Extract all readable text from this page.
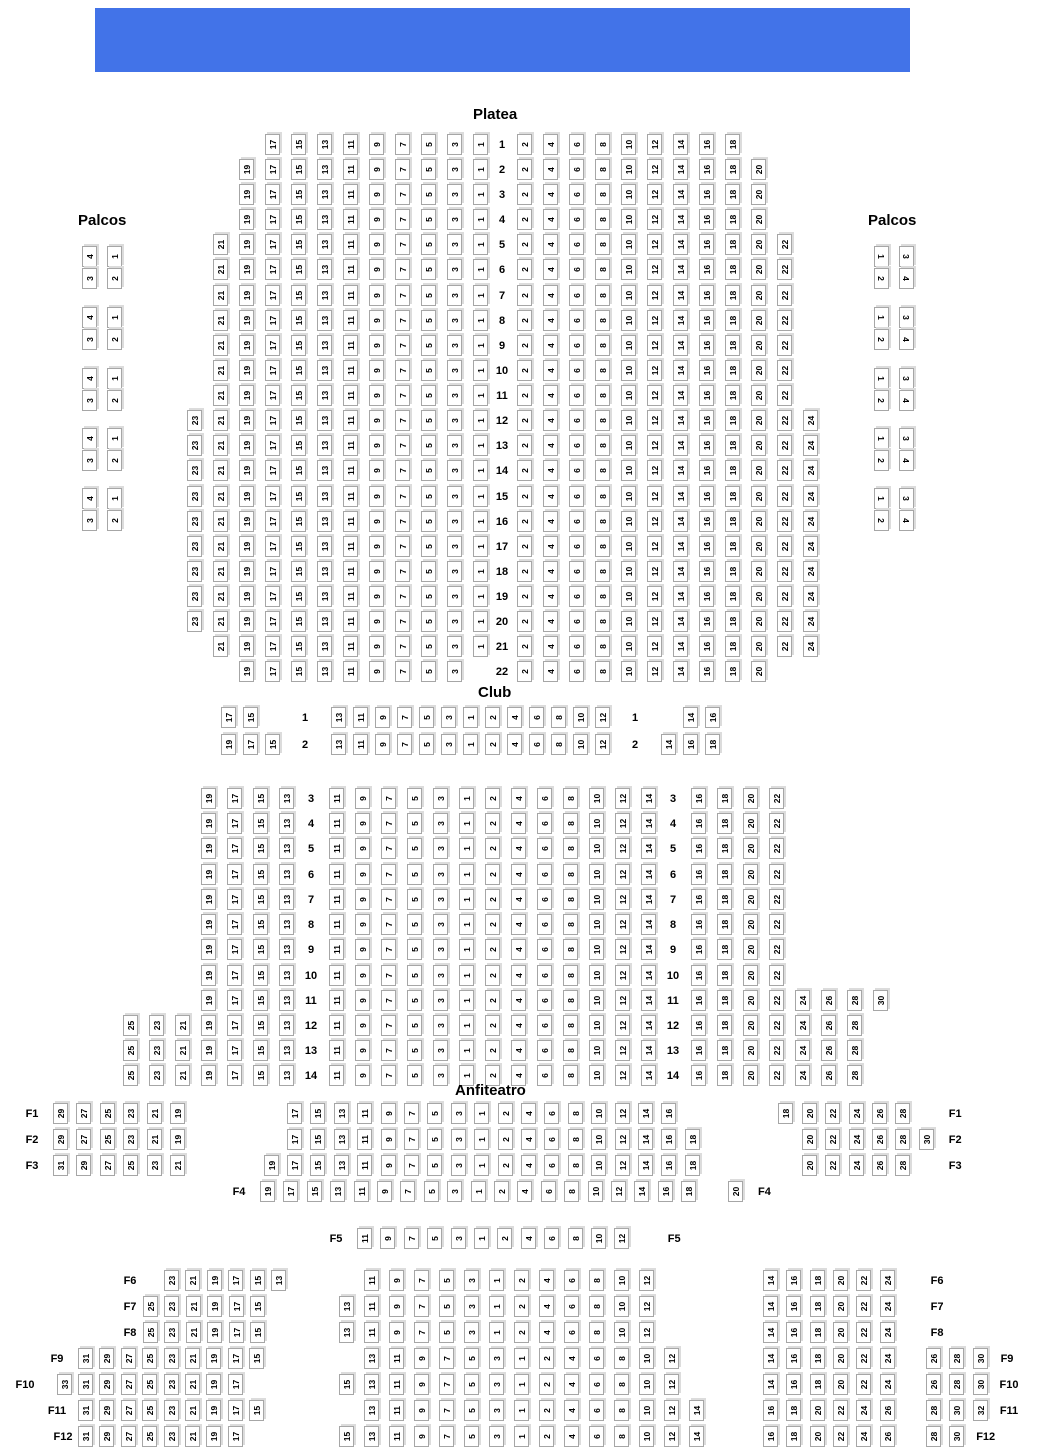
Platea
17	15	13	11	9	7	5	3	1	1	2	4	6	8	10	12	14	16	18
19	17	15	13	11	9	7	5	3	1	2	2	4	6	8	10	12	14	16	18	20
19	17	15	13	11	9	7	5	3	1	3	2	4	6	8	10	12	14	16	18	20
19	17	15	13	11	9	7	5	3	1	4	2	4	6	8	10	12	14	16	18	20
21	19	17	15	13	11	9	7	5	3	1	5	2	4	6	8	10	12	14	16	18	20	22
21	19	17	15	13	11	9	7	5	3	1	6	2	4	6	8	10	12	14	16	18	20	22
21	19	17	15	13	11	9	7	5	3	1	7	2	4	6	8	10	12	14	16	18	20	22
21	19	17	15	13	11	9	7	5	3	1	8	2	4	6	8	10	12	14	16	18	20	22
21	19	17	15	13	11	9	7	5	3	1	9	2	4	6	8	10	12	14	16	18	20	22
21	19	17	15	13	11	9	7	5	3	1 10	2	4	6	8	10	12	14	16	18	20	22
21	19	17	15	13	11	9	7	5	3	1 11	2	4	6	8	10	12	14	16	18	20	22
23	21	19	17	15	13	11	9	7	5	3	1 12	2	4	6	8	10	12	14	16	18	20	22	24
23	21	19	17	15	13	11	9	7	5	3	1 13	2	4	6	8	10	12	14	16	18	20	22	24
23	21	19	17	15	13	11	9	7	5	3	1 14	2	4	6	8	10	12	14	16	18	20	22	24
23	21	19	17	15	13	11	9	7	5	3	1 15	2	4	6	8	10	12	14	16	18	20	22	24
23	21	19	17	15	13	11	9	7	5	3	1 16	2	4	6	8	10	12	14	16	18	20	22	24
23	21	19	17	15	13	11	9	7	5	3	1 17	2	4	6	8	10	12	14	16	18	20	22	24
23	21	19	17	15	13	11	9	7	5	3	1 18	2	4	6	8	10	12	14	16	18	20	22	24
23	21	19	17	15	13	11	9	7	5	3	1 19	2	4	6	8	10	12	14	16	18	20	22	24
23	21	19	17	15	13	11	9	7	5	3	1 20	2	4	6	8	10	12	14	16	18	20	22	24
21	19	17	15	13	11	9	7	5	3	1 21	2	4	6	8	10	12	14	16	18	20	22	24
19	17	15	13	11	9	7	5	3	22	2	4	6	8	10	12	14	16	18	20
Palcos
4	1
3	2
4	1
3	2
4	1
3	2
4	1
3	2
4	1
3	2
Palcos
1	3
2	4
1	3
2	4
1	3
2	4
1	3
2	4
1	3
2	4
Club
17	15	1	13	11	9	7	5	3	1	2	4	6	8	10	12	1	14	16
19	17	15	2	13	11	9	7	5	3	1	2	4	6	8	10	12	2	14	16	18
19	17	15	13	3	11	9	7	5	3	1	2	4	6	8	10	12	14	3	16	18	20	22
19	17	15	13	4	11	9	7	5	3	1	2	4	6	8	10	12	14	4	16	18	20	22
19	17	15	13	5	11	9	7	5	3	1	2	4	6	8	10	12	14	5	16	18	20	22
19	17	15	13	6	11	9	7	5	3	1	2	4	6	8	10	12	14	6	16	18	20	22
19	17	15	13	7	11	9	7	5	3	1	2	4	6	8	10	12	14	7	16	18	20	22
19	17	15	13	8	11	9	7	5	3	1	2	4	6	8	10	12	14	8	16	18	20	22
19	17	15	13	9	11	9	7	5	3	1	2	4	6	8	10	12	14	9	16	18	20	22
19	17	15	13	10	11	9	7	5	3	1	2	4	6	8	10	12	14	10	16	18	20	22
19	17	15	13	11	11	9	7	5	3	1	2	4	6	8	10	12	14	11	16	18	20	22	24	26	28	30
25	23	21	19	17	15	13	12	11	9	7	5	3	1	2	4	6	8	10	12	14	12	16	18	20	22	24	26	28
25	23	21	19	17	15	13	13	11	9	7	5	3	1	2	4	6	8	10	12	14	13	16	18	20	22	24	26	28
25	23	21	19	17	15	13	14	11	9	7	5	3	1	2	4	6	8	10	12	14	14	16	18	20	22	24	26	28
Anfiteatro
F1	29	27	25	23	21	19	17	15	13	11	9	7	5	3	1	2	4	6	8	10	12	14	16	18	20	22	24	26	28	F1
F2	29	27	25	23	21	19	17	15	13	11	9	7	5	3	1	2	4	6	8	10	12	14	16	18	20	22	24	26	28	30	F2
F3	31	29	27	25	23	21	19	17	15	13	11	9	7	5	3	1	2	4	6	8	10	12	14	16	18	20	22	24	26	28	F3
F4	19	17	15	13	11	9	7	5	3	1	2	4	6	8	10	12	14	16	18	20	F4
F5	11	9	7	5	3	1	2	4	6	8	10	12	F5
F6	23	21	19	17	15	13	11	9	7	5	3	1	2	4	6	8	10	12	14	16	18	20	22	24	F6
F7	25	23	21	19	17	15	13	11	9	7	5	3	1	2	4	6	8	10	12	14	16	18	20	22	24	F7
F8	25	23	21	19	17	15	13	11	9	7	5	3	1	2	4	6	8	10	12	14	16	18	20	22	24	F8
F9	31	29	27	25	23	21	19	17	15	13	11	9	7	5	3	1	2	4	6	8	10	12	14	16	18	20	22	24	26	28	30	F9
F10	33	31	29	27	25	23	21	19	17	15	13	11	9	7	5	3	1	2	4	6	8	10	12	14	16	18	20	22	24	26	28	30	F10
F11	31	29	27	25	23	21	19	17	15	13	11	9	7	5	3	1	2	4	6	8	10	12	14	16	18	20	22	24	26	28	30	32	F11
F12 31	29	27	25	23	21	19	17	15	13	11	9	7	5	3	1	2	4	6	8	10	12	14	16	18	20	22	24	26	28	30	F12
